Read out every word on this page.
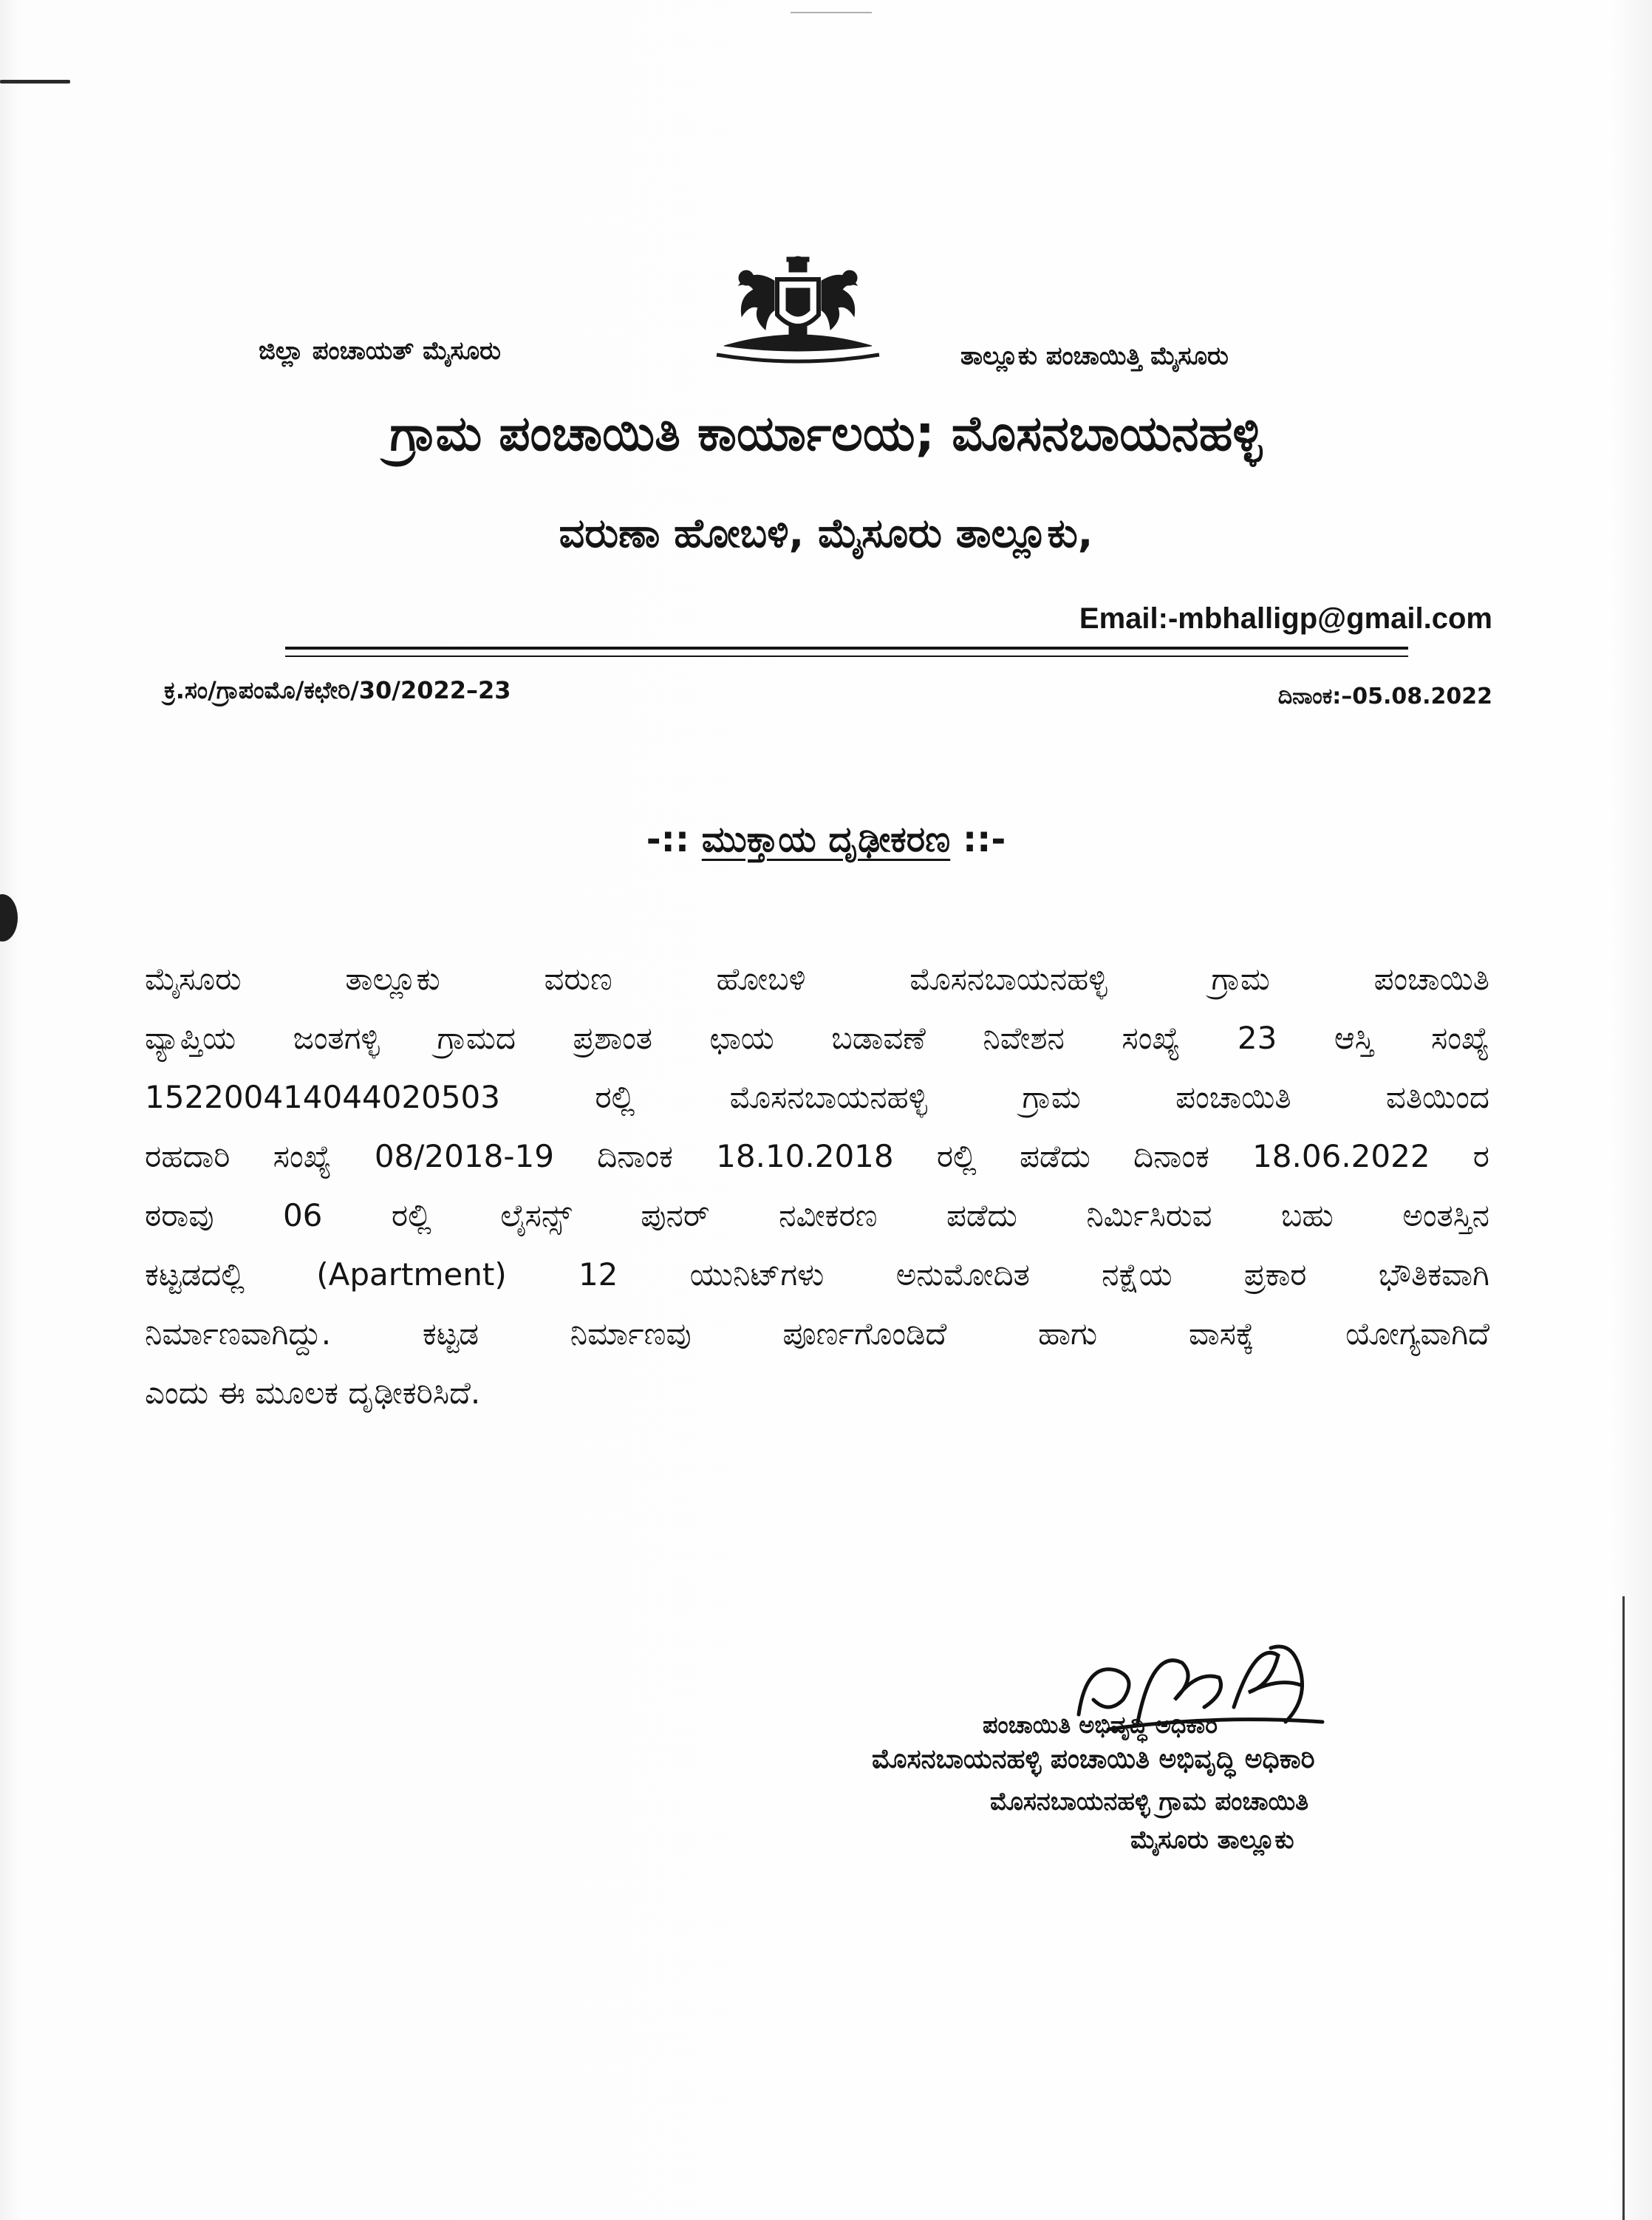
ಜಿಲ್ಲಾ ಪಂಚಾಯತ್ ಮೈಸೂರು	ತಾಲ್ಲೂಕು ಪಂಚಾಯಿತ್ತಿ ಮೈಸೂರು
ಗ್ರಾಮ ಪಂಚಾಯಿತಿ ಕಾರ್ಯಾಲಯ; ಮೊಸನಬಾಯನಹಳ್ಳಿ
ವರುಣಾ ಹೋಬಳಿ, ಮೈಸೂರು ತಾಲ್ಲೂಕು,
Email:-mbhalligp@gmail.com
ಕ್ರ.ಸಂ/ಗ್ರಾಪಂಮೊ/ಕಛೇರಿ/30/2022–23	ದಿನಾಂಕ:–05.08.2022
-:: ಮುಕ್ತಾಯ ದೃಢೀಕರಣ ::-
ಮೈಸೂರು ತಾಲ್ಲೂಕು ವರುಣ ಹೋಬಳಿ ಮೊಸನಬಾಯನಹಳ್ಳಿ ಗ್ರಾಮ ಪಂಚಾಯಿತಿ
ವ್ಯಾಪ್ತಿಯ ಜಂತಗಳ್ಳಿ ಗ್ರಾಮದ ಪ್ರಶಾಂತ ಛಾಯ ಬಡಾವಣೆ ನಿವೇಶನ ಸಂಖ್ಯೆ 23 ಆಸ್ತಿ ಸಂಖ್ಯೆ
152200414044020503 ರಲ್ಲಿ ಮೊಸನಬಾಯನಹಳ್ಳಿ ಗ್ರಾಮ ಪಂಚಾಯಿತಿ ವತಿಯಿಂದ
ರಹದಾರಿ ಸಂಖ್ಯೆ 08/2018-19 ದಿನಾಂಕ 18.10.2018 ರಲ್ಲಿ ಪಡೆದು ದಿನಾಂಕ 18.06.2022 ರ
ಠರಾವು 06 ರಲ್ಲಿ ಲೈಸನ್ಸ್ ಪುನರ್ ನವೀಕರಣ ಪಡೆದು ನಿರ್ಮಿಸಿರುವ ಬಹು ಅಂತಸ್ತಿನ
ಕಟ್ಟಡದಲ್ಲಿ (Apartment) 12 ಯುನಿಟ್‌ಗಳು ಅನುಮೋದಿತ ನಕ್ಷೆಯ ಪ್ರಕಾರ ಭೌತಿಕವಾಗಿ
ನಿರ್ಮಾಣವಾಗಿದ್ದು. ಕಟ್ಟಡ ನಿರ್ಮಾಣವು ಪೂರ್ಣಗೊಂಡಿದೆ ಹಾಗು ವಾಸಕ್ಕೆ ಯೋಗ್ಯವಾಗಿದೆ
ಎಂದು ಈ ಮೂಲಕ ದೃಢೀಕರಿಸಿದೆ.
ಪಂಚಾಯಿತಿ ಅಭಿವೃದ್ಧಿ ಅಧಿಕಾರಿ
ಮೊಸನಬಾಯನಹಳ್ಳಿ ಪಂಚಾಯಿತಿ ಅಭಿವೃದ್ಧಿ ಅಧಿಕಾರಿ
ಮೊಸನಬಾಯನಹಳ್ಳಿ ಗ್ರಾಮ ಪಂಚಾಯಿತಿ
ಮೈಸೂರು ತಾಲ್ಲೂಕು
